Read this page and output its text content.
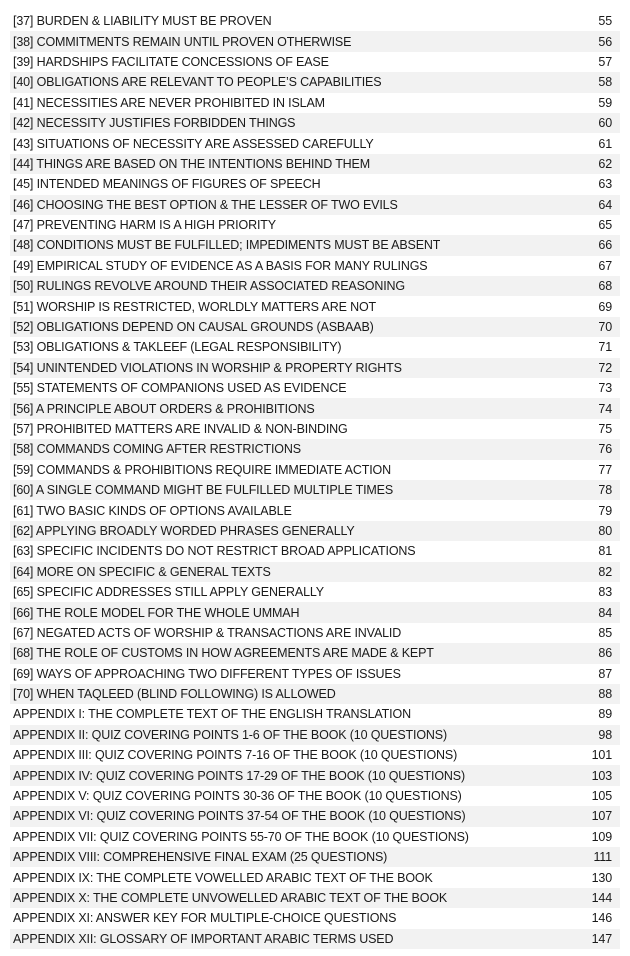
[37] BURDEN & LIABILITY MUST BE PROVEN	55
[38] COMMITMENTS REMAIN UNTIL PROVEN OTHERWISE	56
[39] HARDSHIPS FACILITATE CONCESSIONS OF EASE	57
[40] OBLIGATIONS ARE RELEVANT TO PEOPLE’S CAPABILITIES	58
[41] NECESSITIES ARE NEVER PROHIBITED IN ISLAM	59
[42] NECESSITY JUSTIFIES FORBIDDEN THINGS	60
[43] SITUATIONS OF NECESSITY ARE ASSESSED CAREFULLY	61
[44] THINGS ARE BASED ON THE INTENTIONS BEHIND THEM	62
[45] INTENDED MEANINGS OF FIGURES OF SPEECH	63
[46] CHOOSING THE BEST OPTION & THE LESSER OF TWO EVILS	64
[47] PREVENTING HARM IS A HIGH PRIORITY	65
[48] CONDITIONS MUST BE FULFILLED; IMPEDIMENTS MUST BE ABSENT	66
[49] EMPIRICAL STUDY OF EVIDENCE AS A BASIS FOR MANY RULINGS	67
[50] RULINGS REVOLVE AROUND THEIR ASSOCIATED REASONING	68
[51] WORSHIP IS RESTRICTED, WORLDLY MATTERS ARE NOT	69
[52] OBLIGATIONS DEPEND ON CAUSAL GROUNDS (ASBAAB)	70
[53] OBLIGATIONS & TAKLEEF (LEGAL RESPONSIBILITY)	71
[54] UNINTENDED VIOLATIONS IN WORSHIP & PROPERTY RIGHTS	72
[55] STATEMENTS OF COMPANIONS USED AS EVIDENCE	73
[56] A PRINCIPLE ABOUT ORDERS & PROHIBITIONS	74
[57] PROHIBITED MATTERS ARE INVALID & NON-BINDING	75
[58] COMMANDS COMING AFTER RESTRICTIONS	76
[59] COMMANDS & PROHIBITIONS REQUIRE IMMEDIATE ACTION	77
[60] A SINGLE COMMAND MIGHT BE FULFILLED MULTIPLE TIMES	78
[61] TWO BASIC KINDS OF OPTIONS AVAILABLE	79
[62] APPLYING BROADLY WORDED PHRASES GENERALLY	80
[63] SPECIFIC INCIDENTS DO NOT RESTRICT BROAD APPLICATIONS	81
[64] MORE ON SPECIFIC & GENERAL TEXTS	82
[65] SPECIFIC ADDRESSES STILL APPLY GENERALLY	83
[66] THE ROLE MODEL FOR THE WHOLE UMMAH	84
[67] NEGATED ACTS OF WORSHIP & TRANSACTIONS ARE INVALID	85
[68] THE ROLE OF CUSTOMS IN HOW AGREEMENTS ARE MADE & KEPT	86
[69] WAYS OF APPROACHING TWO DIFFERENT TYPES OF ISSUES	87
[70] WHEN TAQLEED (BLIND FOLLOWING) IS ALLOWED	88
APPENDIX I: THE COMPLETE TEXT OF THE ENGLISH TRANSLATION	89
APPENDIX II: QUIZ COVERING POINTS 1-6 OF THE BOOK (10 QUESTIONS)	98
APPENDIX III: QUIZ COVERING POINTS 7-16 OF THE BOOK (10 QUESTIONS)	101
APPENDIX IV: QUIZ COVERING POINTS 17-29 OF THE BOOK (10 QUESTIONS)	103
APPENDIX V: QUIZ COVERING POINTS 30-36 OF THE BOOK (10 QUESTIONS)	105
APPENDIX VI: QUIZ COVERING POINTS 37-54 OF THE BOOK (10 QUESTIONS)	107
APPENDIX VII: QUIZ COVERING POINTS 55-70 OF THE BOOK (10 QUESTIONS)	109
APPENDIX VIII: COMPREHENSIVE FINAL EXAM (25 QUESTIONS)	111
APPENDIX IX: THE COMPLETE VOWELLED ARABIC TEXT OF THE BOOK	130
APPENDIX X: THE COMPLETE UNVOWELLED ARABIC TEXT OF THE BOOK	144
APPENDIX XI: ANSWER KEY FOR MULTIPLE-CHOICE QUESTIONS	146
APPENDIX XII: GLOSSARY OF IMPORTANT ARABIC TERMS USED	147
